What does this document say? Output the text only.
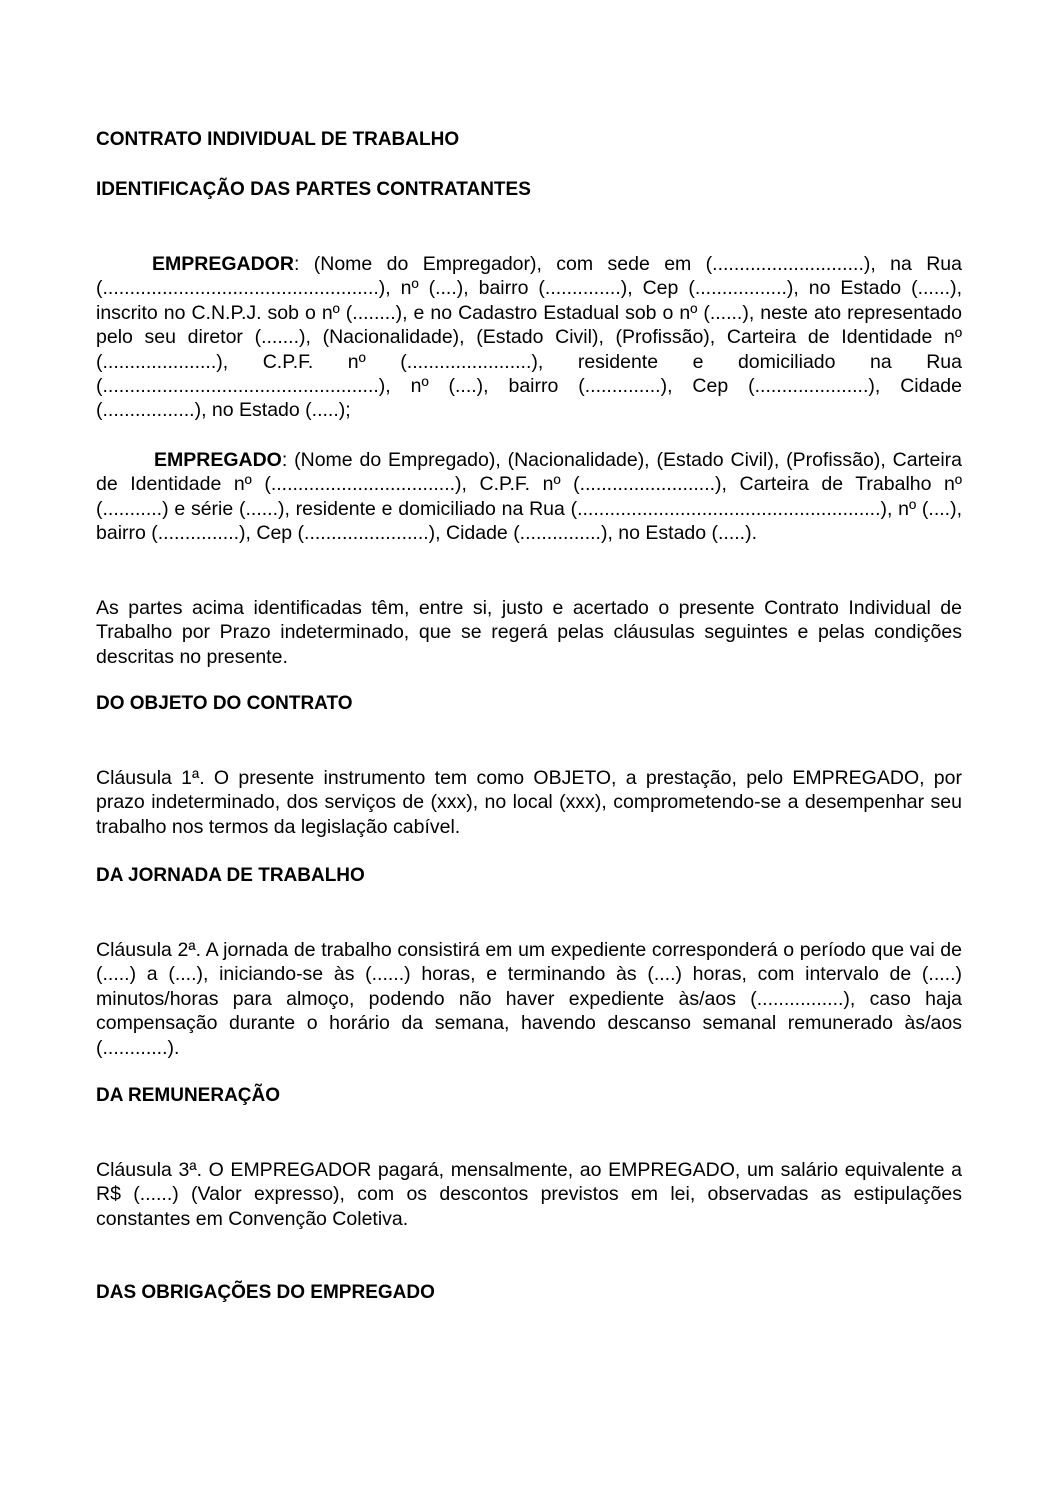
CONTRATO INDIVIDUAL DE TRABALHO
IDENTIFICAÇÃO DAS PARTES CONTRATANTES

EMPREGADOR: (Nome do Empregador), com sede em (............................), na Rua (...................................................), nº (....), bairro (..............), Cep (.................), no Estado (......), inscrito no C.N.P.J. sob o nº (........), e no Cadastro Estadual sob o nº (......), neste ato representado pelo seu diretor (.......), (Nacionalidade), (Estado Civil), (Profissão), Carteira de Identidade nº (.....................), C.P.F. nº (.......................), residente e domiciliado na Rua (...................................................), nº (....), bairro (..............), Cep (.....................), Cidade (.................), no Estado (.....);

EMPREGADO: (Nome do Empregado), (Nacionalidade), (Estado Civil), (Profissão), Carteira de Identidade nº (..................................), C.P.F. nº (.........................), Carteira de Trabalho nº (...........) e série (......), residente e domiciliado na Rua (........................................................), nº (....), bairro (...............), Cep (.......................), Cidade (...............), no Estado (.....).

As partes acima identificadas têm, entre si, justo e acertado o presente Contrato Individual de Trabalho por Prazo indeterminado, que se regerá pelas cláusulas seguintes e pelas condições descritas no presente.

DO OBJETO DO CONTRATO

Cláusula 1ª. O presente instrumento tem como OBJETO, a prestação, pelo EMPREGADO, por prazo indeterminado, dos serviços de (xxx), no local (xxx), comprometendo-se a desempenhar seu trabalho nos termos da legislação cabível.

DA JORNADA DE TRABALHO

Cláusula 2ª. A jornada de trabalho consistirá em um expediente corresponderá o período que vai de (.....) a (....), iniciando-se às (......) horas, e terminando às (....) horas, com intervalo de (.....) minutos/horas para almoço, podendo não haver expediente às/aos (................), caso haja compensação durante o horário da semana, havendo descanso semanal remunerado às/aos (............).

DA REMUNERAÇÃO

Cláusula 3ª. O EMPREGADOR pagará, mensalmente, ao EMPREGADO, um salário equivalente a R$ (......) (Valor expresso), com os descontos previstos em lei, observadas as estipulações constantes em Convenção Coletiva.

DAS OBRIGAÇÕES DO EMPREGADO
